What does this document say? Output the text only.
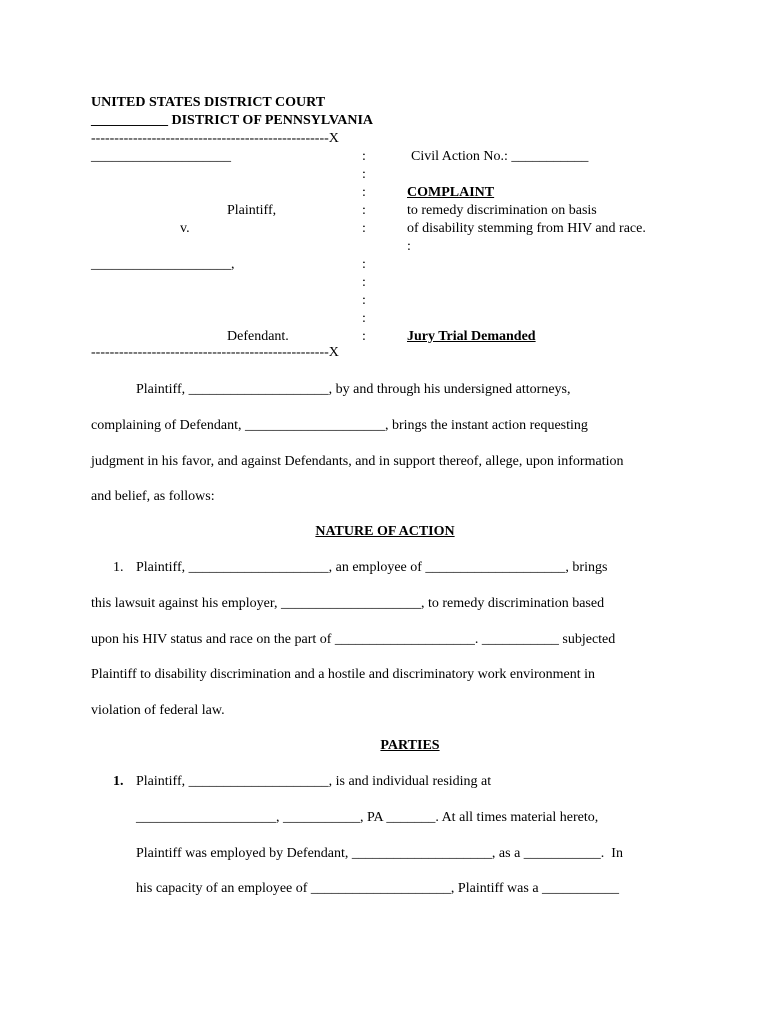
UNITED STATES DISTRICT COURT
___________ DISTRICT OF PENNSYLVANIA
---------------------------------------------------X
____________________
Plaintiff,
v.
____________________,
Defendant.
---------------------------------------------------X
:
:
:
:
:
:
:
:
:
:
Civil Action No.: ___________
COMPLAINT
to remedy discrimination on basis
of disability stemming from HIV and race.
:
Jury Trial Demanded
Plaintiff, ____________________, by and through his undersigned attorneys,
complaining of Defendant, ____________________, brings the instant action requesting
judgment in his favor, and against Defendants, and in support thereof, allege, upon information
and belief, as follows:
NATURE OF ACTION
1. Plaintiff, ____________________, an employee of ____________________, brings
this lawsuit against his employer, ____________________, to remedy discrimination based
upon his HIV status and race on the part of ____________________. ___________ subjected
Plaintiff to disability discrimination and a hostile and discriminatory work environment in
violation of federal law.
PARTIES
1. Plaintiff, ____________________, is and individual residing at
____________________, ___________, PA _______. At all times material hereto,
Plaintiff was employed by Defendant, ____________________, as a ___________.  In
his capacity of an employee of ____________________, Plaintiff was a ___________
